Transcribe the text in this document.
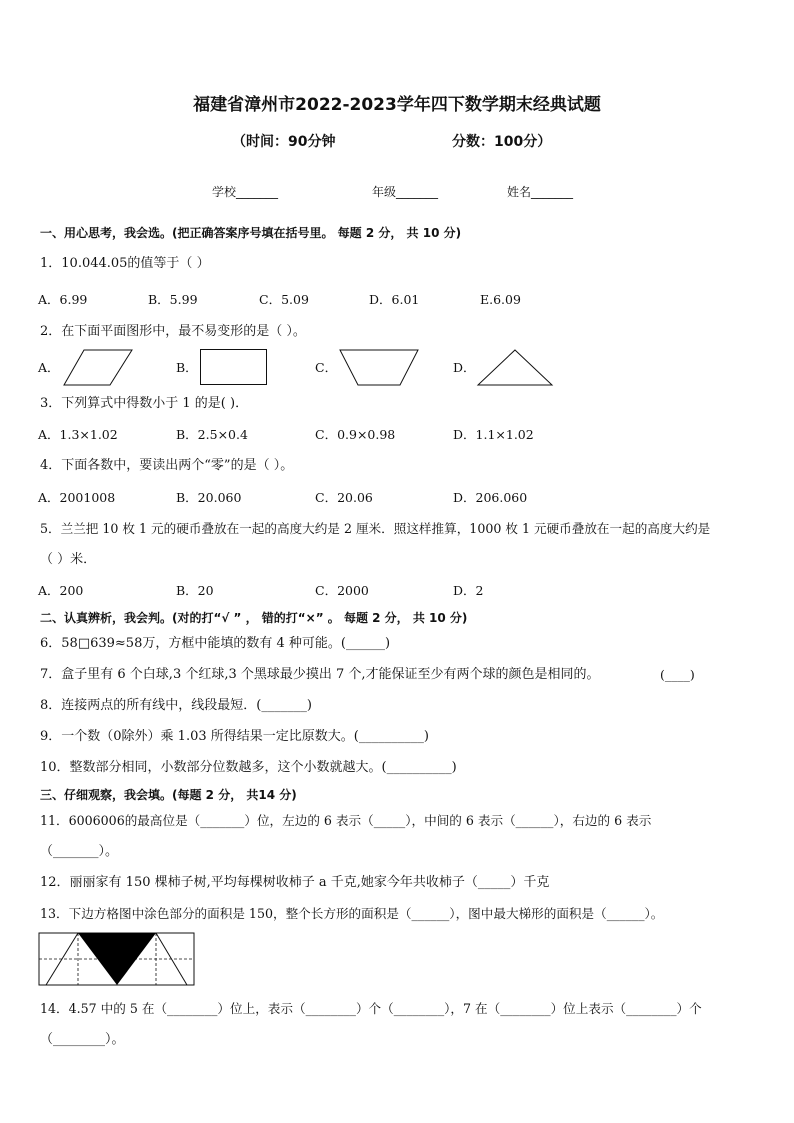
福建省漳州市2022-2023学年四下数学期末经典试题
（时间：90分钟	分数：100分）
学校_______	年级_______	姓名_______
一、用心思考，我会选。(把正确答案序号填在括号里。 每题 2 分， 共 10 分)
1．10.044.05的值等于（ ）
A．6.99	B．5.99	C．5.09	D．6.01	E.6.09
2．在下面平面图形中，最不易变形的是（ ）。
A．	B．	C．	D．
3．下列算式中得数小于 1 的是( )．
A．1.3×1.02	B．2.5×0.4	C．0.9×0.98	D．1.1×1.02
4．下面各数中，要读出两个“零”的是（ ）。
A．2001008	B．20.060	C．20.06	D．206.060
5．兰兰把 10 枚 1 元的硬币叠放在一起的高度大约是 2 厘米．照这样推算，1000 枚 1 元硬币叠放在一起的高度大约是
（ ）米．
A．200	B．20	C．2000	D．2
二、认真辨析，我会判。(对的打“√ ” ， 错的打“×” 。 每题 2 分， 共 10 分)
6．58□639≈58万，方框中能填的数有 4 种可能。(______)
7．盒子里有 6 个白球,3 个红球,3 个黑球最少摸出 7 个,才能保证至少有两个球的颜色是相同的。	(____)
8．连接两点的所有线中，线段最短．(_______)
9．一个数（0除外）乘 1.03 所得结果一定比原数大。(__________)
10．整数部分相同，小数部分位数越多，这个小数就越大。(__________)
三、仔细观察，我会填。(每题 2 分， 共14 分)
11．6006006的最高位是（_______）位，左边的 6 表示（_____），中间的 6 表示（______），右边的 6 表示
（_______）。
12．丽丽家有 150 棵柿子树,平均每棵树收柿子 a 千克,她家今年共收柿子（_____）千克
13．下边方格图中涂色部分的面积是 150，整个长方形的面积是（______），图中最大梯形的面积是（______）。
14．4.57 中的 5 在（________）位上，表示（________）个（________），7 在（________）位上表示（________）个
（________）。
